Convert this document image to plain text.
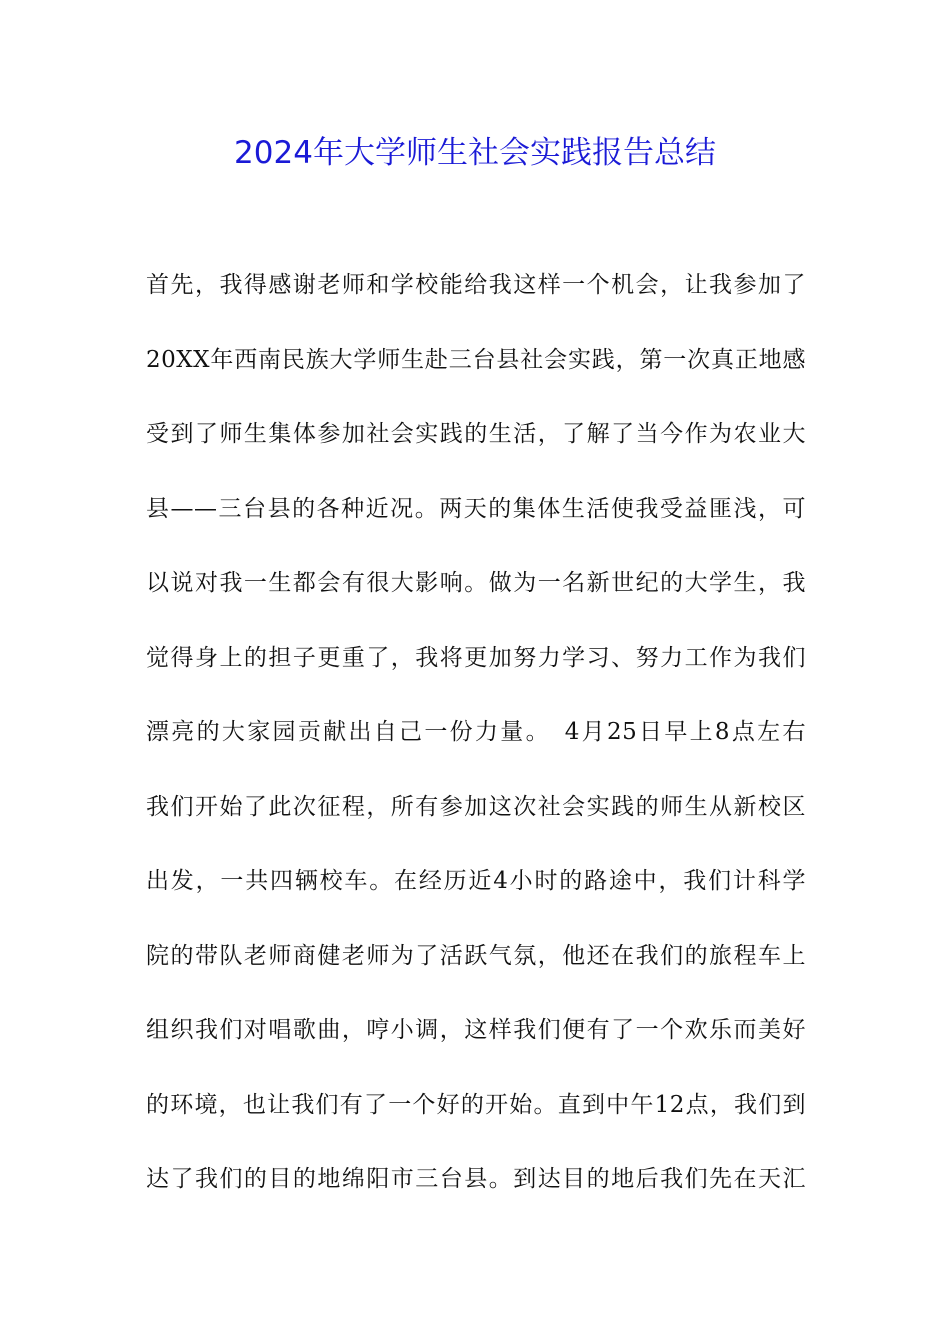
2024年大学师生社会实践报告总结
首先，我得感谢老师和学校能给我这样一个机会，让我参加了
20XX年西南民族大学师生赴三台县社会实践，第一次真正地感
受到了师生集体参加社会实践的生活，了解了当今作为农业大
县——三台县的各种近况。两天的集体生活使我受益匪浅，可
以说对我一生都会有很大影响。做为一名新世纪的大学生，我
觉得身上的担子更重了，我将更加努力学习、努力工作为我们
漂亮的大家园贡献出自己一份力量。　4月25日早上8点左右
我们开始了此次征程，所有参加这次社会实践的师生从新校区
出发，一共四辆校车。在经历近4小时的路途中，我们计科学
院的带队老师商健老师为了活跃气氛，他还在我们的旅程车上
组织我们对唱歌曲，哼小调，这样我们便有了一个欢乐而美好
的环境，也让我们有了一个好的开始。直到中午12点，我们到
达了我们的目的地绵阳市三台县。到达目的地后我们先在天汇
